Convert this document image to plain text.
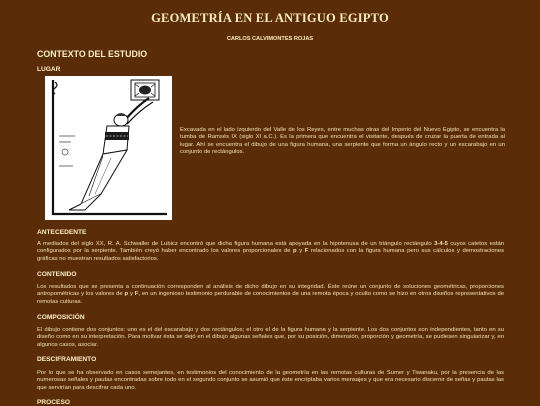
GEOMETRÍA EN EL ANTIGUO EGIPTO
CARLOS CALVIMONTES ROJAS
CONTEXTO DEL ESTUDIO
LUGAR
Excavada en el lado izquierdo del Valle de los Reyes, entre muchas otras del Imperio del Nuevo Egipto, se encuentra la tumba de Ramsés IX (siglo XI a.C.). Es la primera que encuentra el visitante, después de cruzar la puerta de entrada al lugar. Ahí se encuentra el dibujo de una figura humana, una serpiente que forma un ángulo recto y un escarabajo en un conjunto de rectángulos.
ANTECEDENTE
A mediados del siglo XX, R. A. Schwaller de Lubicz encontró que dicha figura humana está apoyada en la hipotenusa de un triángulo rectángulo 3-4-5 cuyos catetos están configurados por la serpiente. También creyó haber encontrado los valores proporcionales de p y F relacionados con la figura humana pero sus cálculos y demostraciones gráficas no muestran resultados satisfactorios.
CONTENIDO
Los resultados que se presenta a continuación corresponden al análisis de dicho dibujo en su integridad. Éste reúne un conjunto de soluciones geométricas, proporciones antropométricas y los valores de p y F, en un ingenioso testimonio perdurable de conocimientos de una remota época y oculto como se hizo en otros diseños representativos de remotas culturas.
COMPOSICIÓN
El dibujo contiene dos conjuntos: uno es el del escarabajo y dos rectángulos; el otro el de la figura humana y la serpiente. Los dos conjuntos son independientes, tanto en su diseño como en su interpretación. Para motivar ésta se dejó en el dibujo algunas señales que, por su posición, dimensión, proporción y geometría, se pudiesen singularizar y, en algunos casos, asociar.
DESCIFRAMIENTO
Por lo que se ha observado en casos semejantes, en testimonios del conocimiento de la geometría en las remotas culturas de Sumer y Tiwanaku, por la presencia de las numerosas señales y pautas encontradas sobre todo en el segundo conjunto se asumió que éste encriptaba varios mensajes y que era necesario discernir de señas y pautas las que servirían para descifrar cada uno.
PROCESO
